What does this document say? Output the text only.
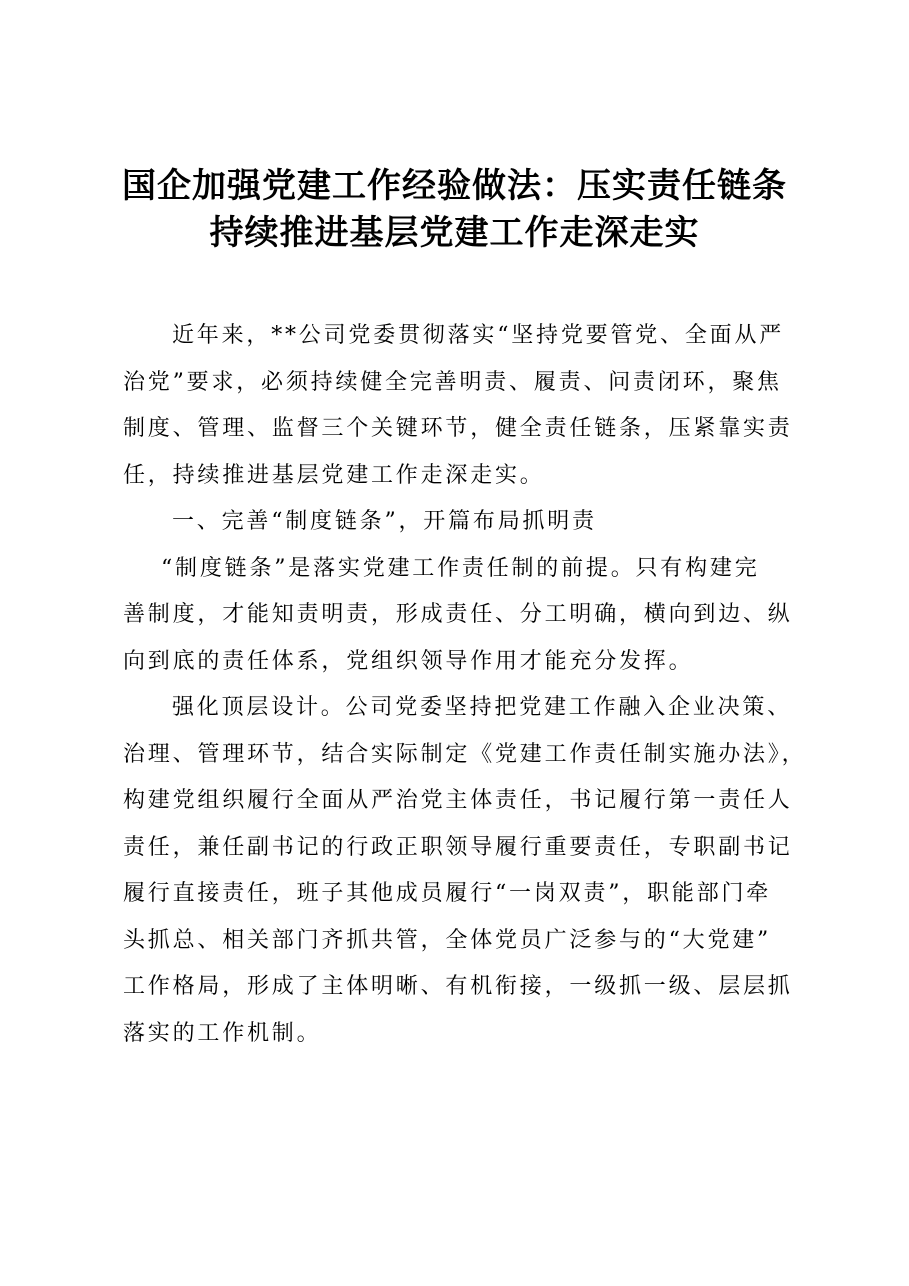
国企加强党建工作经验做法：压实责任链条
持续推进基层党建工作走深走实
近年来，**公司党委贯彻落实“坚持党要管党、全面从严
治党”要求，必须持续健全完善明责、履责、问责闭环，聚焦
制度、管理、监督三个关键环节，健全责任链条，压紧靠实责
任，持续推进基层党建工作走深走实。
一、完善“制度链条”，开篇布局抓明责
“制度链条”是落实党建工作责任制的前提。只有构建完
善制度，才能知责明责，形成责任、分工明确，横向到边、纵
向到底的责任体系，党组织领导作用才能充分发挥。
强化顶层设计。公司党委坚持把党建工作融入企业决策、
治理、管理环节，结合实际制定《党建工作责任制实施办法》，
构建党组织履行全面从严治党主体责任，书记履行第一责任人
责任，兼任副书记的行政正职领导履行重要责任，专职副书记
履行直接责任，班子其他成员履行“一岗双责”，职能部门牵
头抓总、相关部门齐抓共管，全体党员广泛参与的“大党建”
工作格局，形成了主体明晰、有机衔接，一级抓一级、层层抓
落实的工作机制。
